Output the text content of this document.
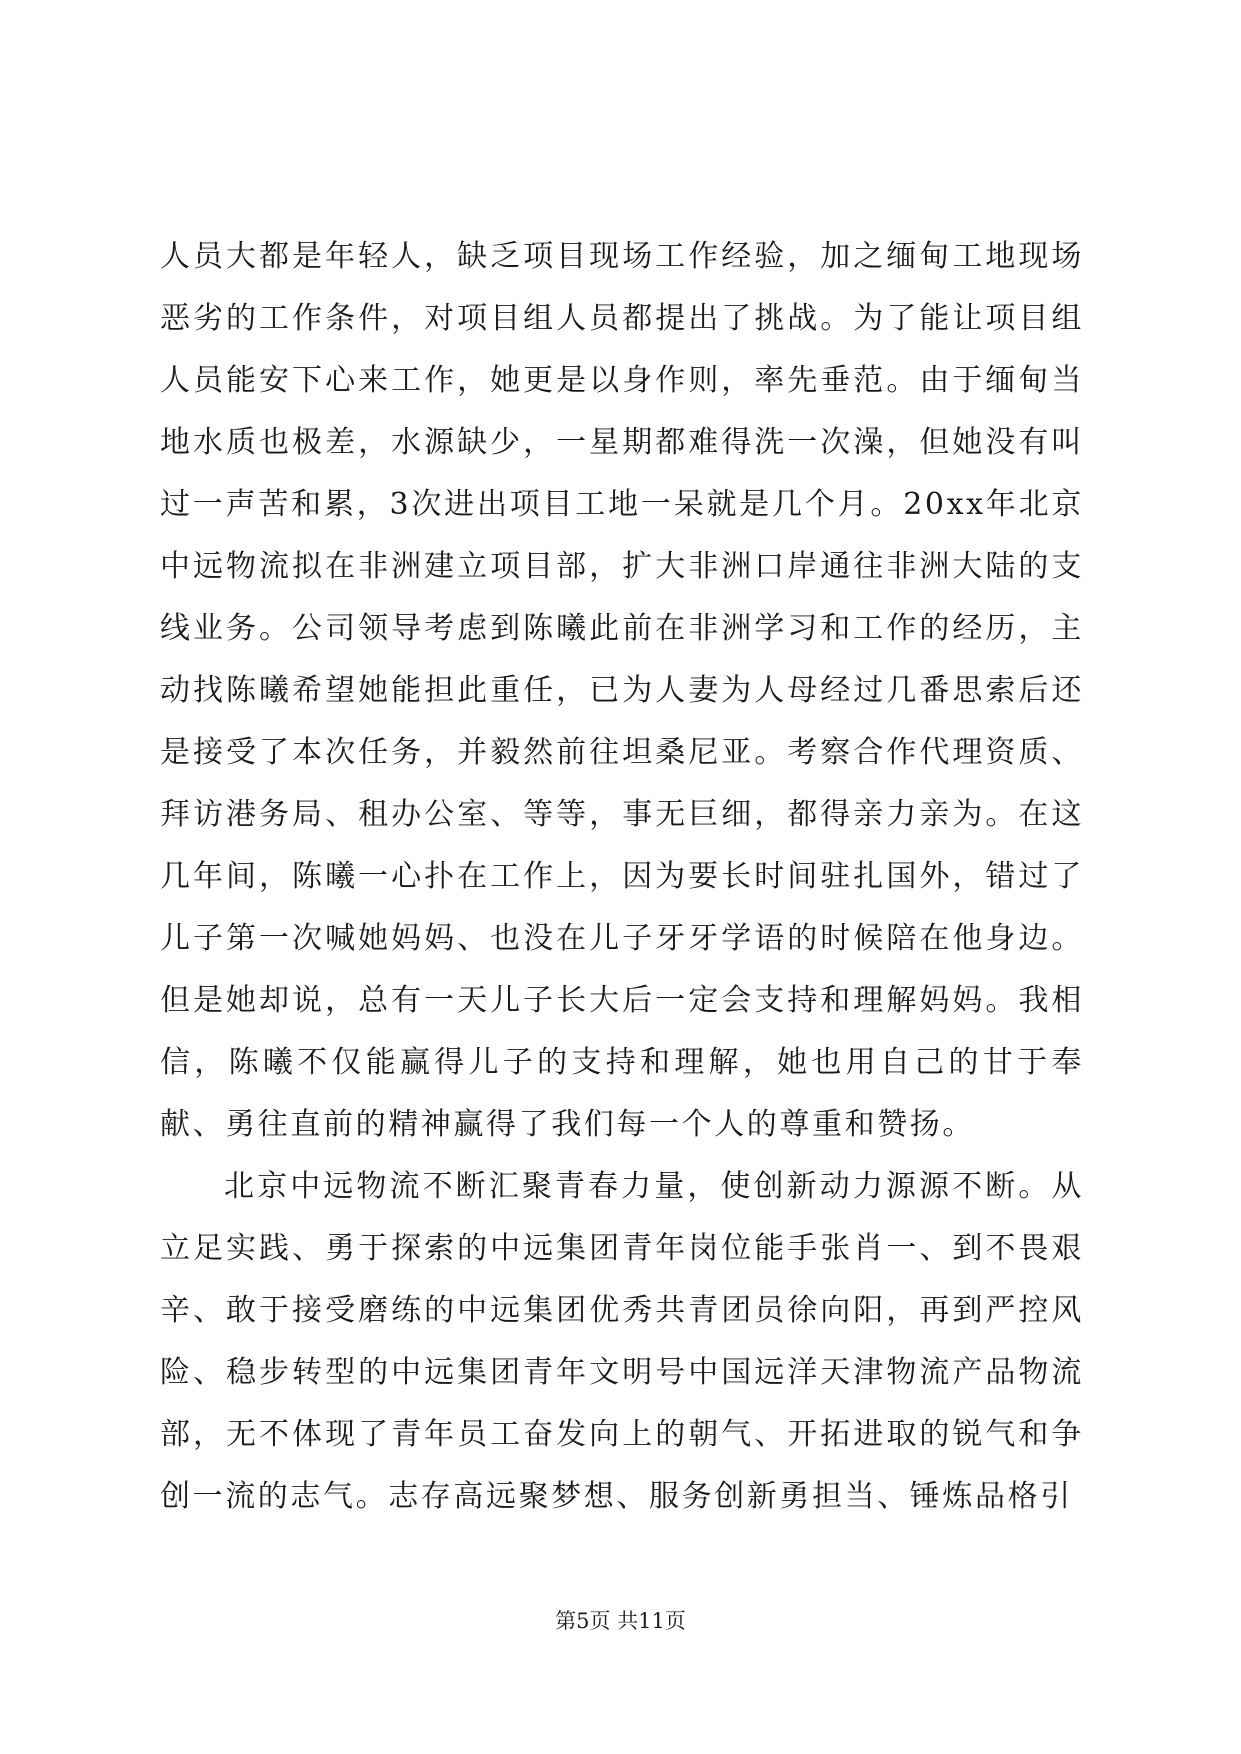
人员大都是年轻人，缺乏项目现场工作经验，加之缅甸工地现场恶劣的工作条件，对项目组人员都提出了挑战。为了能让项目组人员能安下心来工作，她更是以身作则，率先垂范。由于缅甸当地水质也极差，水源缺少，一星期都难得洗一次澡，但她没有叫过一声苦和累，3次进出项目工地一呆就是几个月。20xx年北京中远物流拟在非洲建立项目部，扩大非洲口岸通往非洲大陆的支线业务。公司领导考虑到陈曦此前在非洲学习和工作的经历，主动找陈曦希望她能担此重任，已为人妻为人母经过几番思索后还是接受了本次任务，并毅然前往坦桑尼亚。考察合作代理资质、拜访港务局、租办公室、等等，事无巨细，都得亲力亲为。在这几年间，陈曦一心扑在工作上，因为要长时间驻扎国外，错过了儿子第一次喊她妈妈、也没在儿子牙牙学语的时候陪在他身边。但是她却说，总有一天儿子长大后一定会支持和理解妈妈。我相信，陈曦不仅能赢得儿子的支持和理解，她也用自己的甘于奉献、勇往直前的精神赢得了我们每一个人的尊重和赞扬。

北京中远物流不断汇聚青春力量，使创新动力源源不断。从立足实践、勇于探索的中远集团青年岗位能手张肖一、到不畏艰辛、敢于接受磨练的中远集团优秀共青团员徐向阳，再到严控风险、稳步转型的中远集团青年文明号中国远洋天津物流产品物流部，无不体现了青年员工奋发向上的朝气、开拓进取的锐气和争创一流的志气。志存高远聚梦想、服务创新勇担当、锤炼品格引

第5页 共11页
